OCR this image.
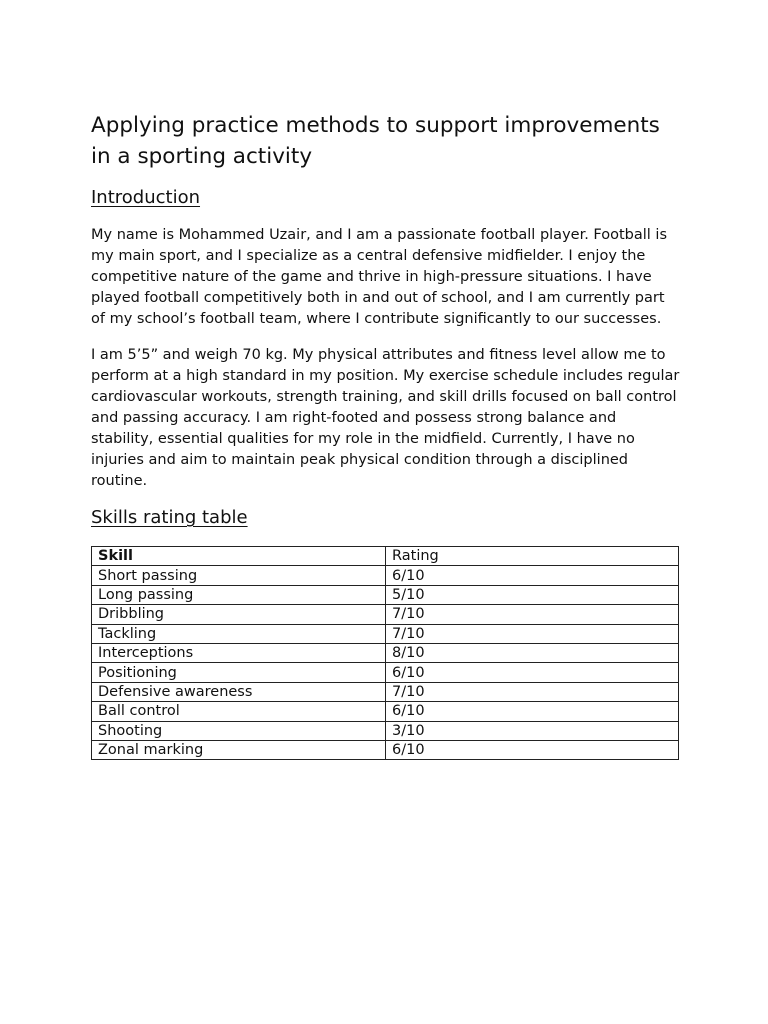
Applying practice methods to support improvements in a sporting activity
Introduction

My name is Mohammed Uzair, and I am a passionate football player. Football is my main sport, and I specialize as a central defensive midfielder. I enjoy the competitive nature of the game and thrive in high-pressure situations. I have played football competitively both in and out of school, and I am currently part of my school’s football team, where I contribute significantly to our successes.

I am 5’5” and weigh 70 kg. My physical attributes and fitness level allow me to perform at a high standard in my position. My exercise schedule includes regular cardiovascular workouts, strength training, and skill drills focused on ball control and passing accuracy. I am right-footed and possess strong balance and stability, essential qualities for my role in the midfield. Currently, I have no injuries and aim to maintain peak physical condition through a disciplined routine.

Skills rating table
Skill	Rating
Short passing	6/10
Long passing	5/10
Dribbling	7/10
Tackling	7/10
Interceptions	8/10
Positioning	6/10
Defensive awareness	7/10
Ball control	6/10
Shooting	3/10
Zonal marking	6/10
